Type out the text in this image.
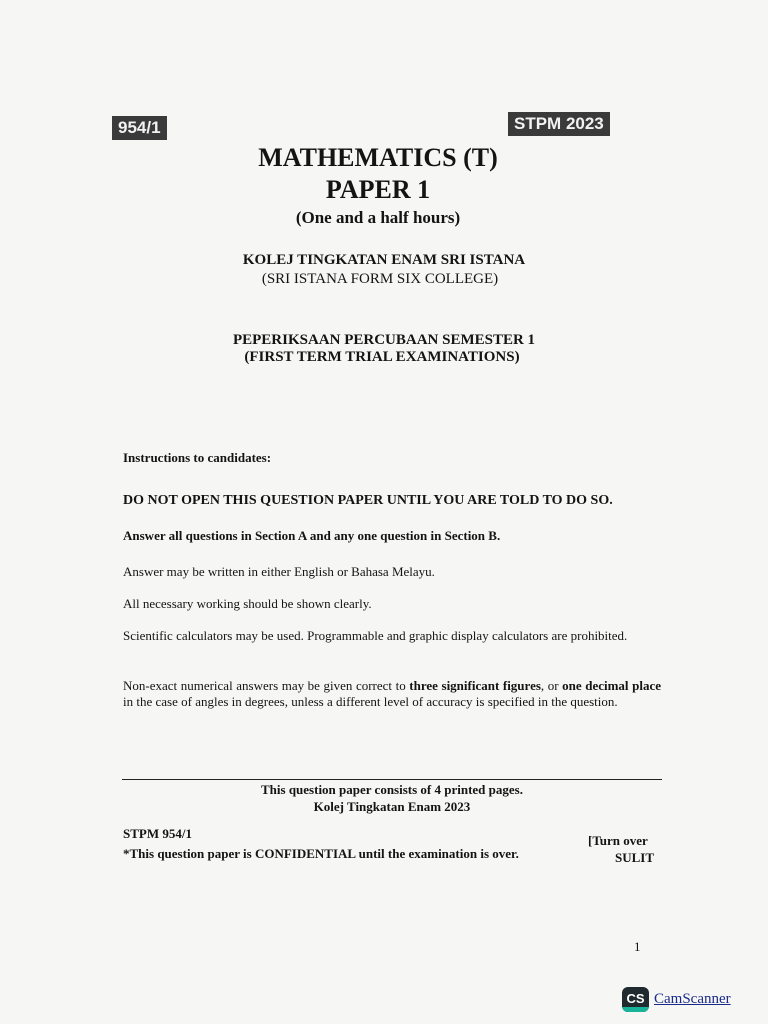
954/1	STPM 2023
MATHEMATICS (T)
PAPER 1
(One and a half hours)
KOLEJ TINGKATAN ENAM SRI ISTANA
(SRI ISTANA FORM SIX COLLEGE)
PEPERIKSAAN PERCUBAAN SEMESTER 1
(FIRST TERM TRIAL EXAMINATIONS)
Instructions to candidates:
DO NOT OPEN THIS QUESTION PAPER UNTIL YOU ARE TOLD TO DO SO.
Answer all questions in Section A and any one question in Section B.
Answer may be written in either English or Bahasa Melayu.
All necessary working should be shown clearly.
Scientific calculators may be used. Programmable and graphic display calculators are prohibited.
Non-exact numerical answers may be given correct to three significant figures, or one decimal place in the case of angles in degrees, unless a different level of accuracy is specified in the question.
This question paper consists of 4 printed pages.
Kolej Tingkatan Enam 2023
STPM 954/1
*This question paper is CONFIDENTIAL until the examination is over.
[Turn over
SULIT
1
CS CamScanner
